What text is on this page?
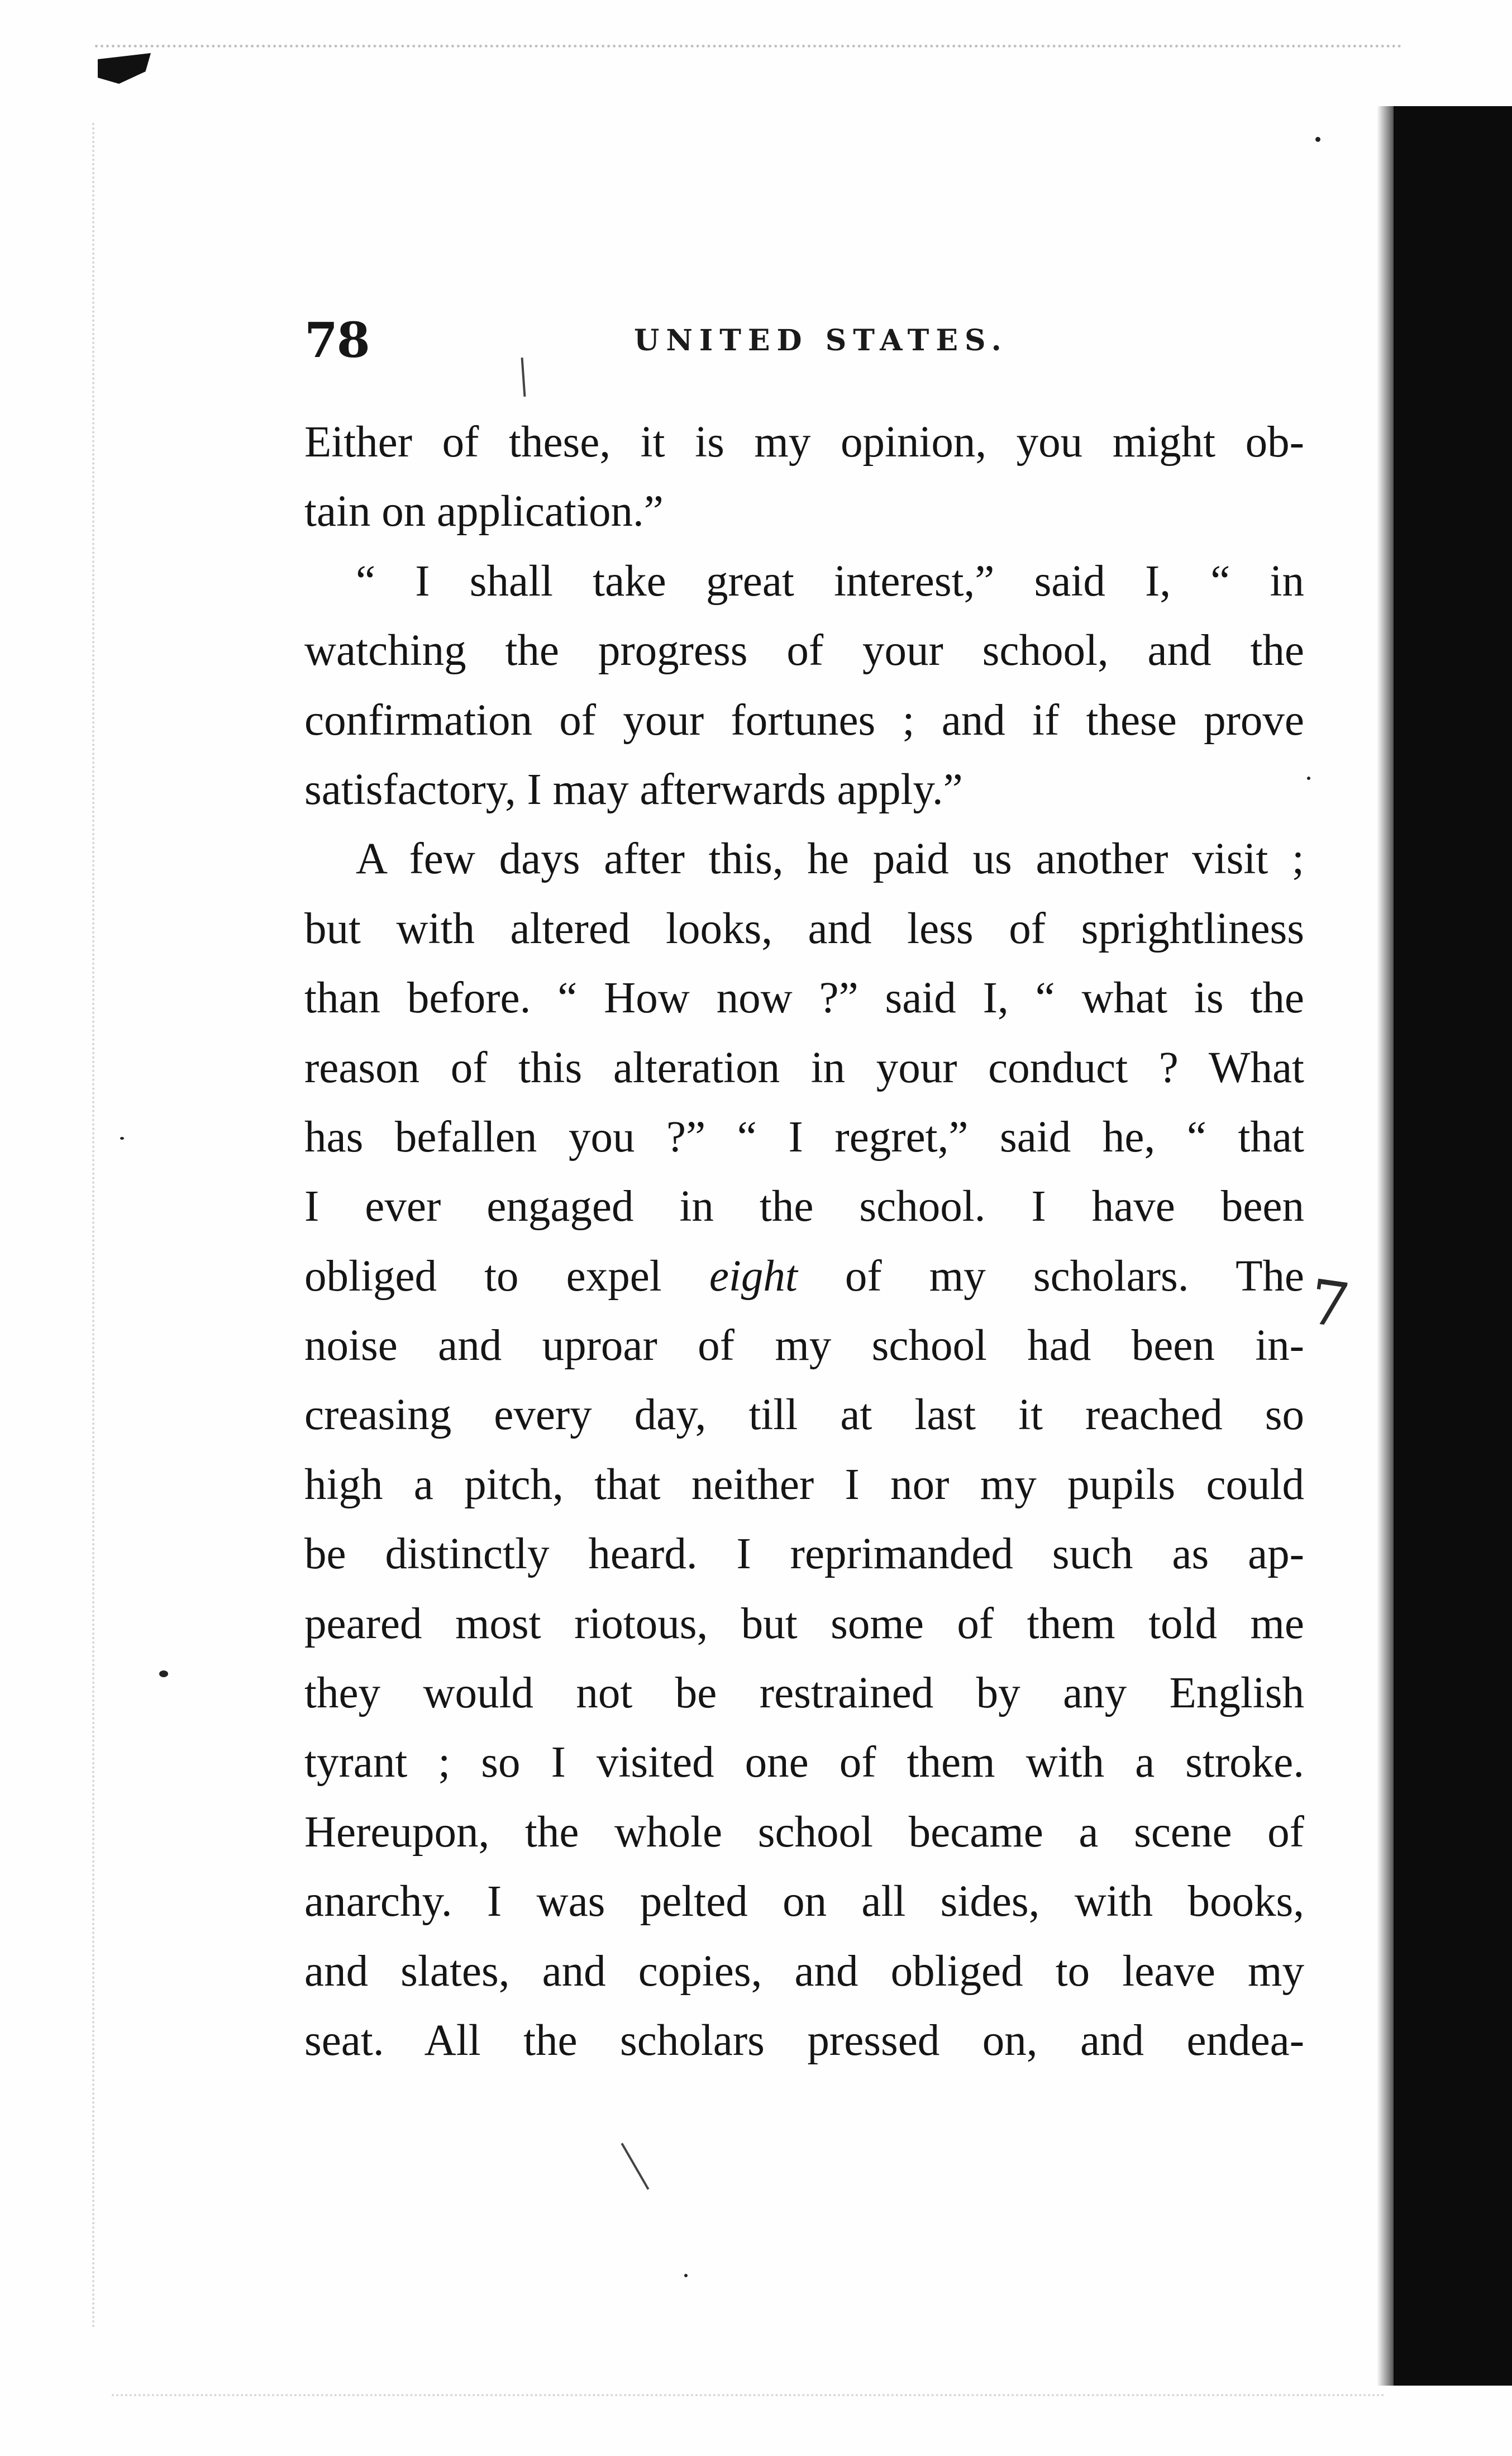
78	UNITED STATES.
Either of these, it is my opinion, you might ob-
tain on application.”
“ I shall take great interest,” said I, “ in
watching the progress of your school, and the
confirmation of your fortunes ; and if these prove
satisfactory, I may afterwards apply.”
A few days after this, he paid us another visit ;
but with altered looks, and less of sprightliness
than before. “ How now ?” said I, “ what is the
reason of this alteration in your conduct ? What
has befallen you ?” “ I regret,” said he, “ that
I ever engaged in the school. I have been
obliged to expel eight of my scholars. The
noise and uproar of my school had been in-
creasing every day, till at last it reached so
high a pitch, that neither I nor my pupils could
be distinctly heard. I reprimanded such as ap-
peared most riotous, but some of them told me
they would not be restrained by any English
tyrant ; so I visited one of them with a stroke.
Hereupon, the whole school became a scene of
anarchy. I was pelted on all sides, with books,
and slates, and copies, and obliged to leave my
seat. All the scholars pressed on, and endea-
7
